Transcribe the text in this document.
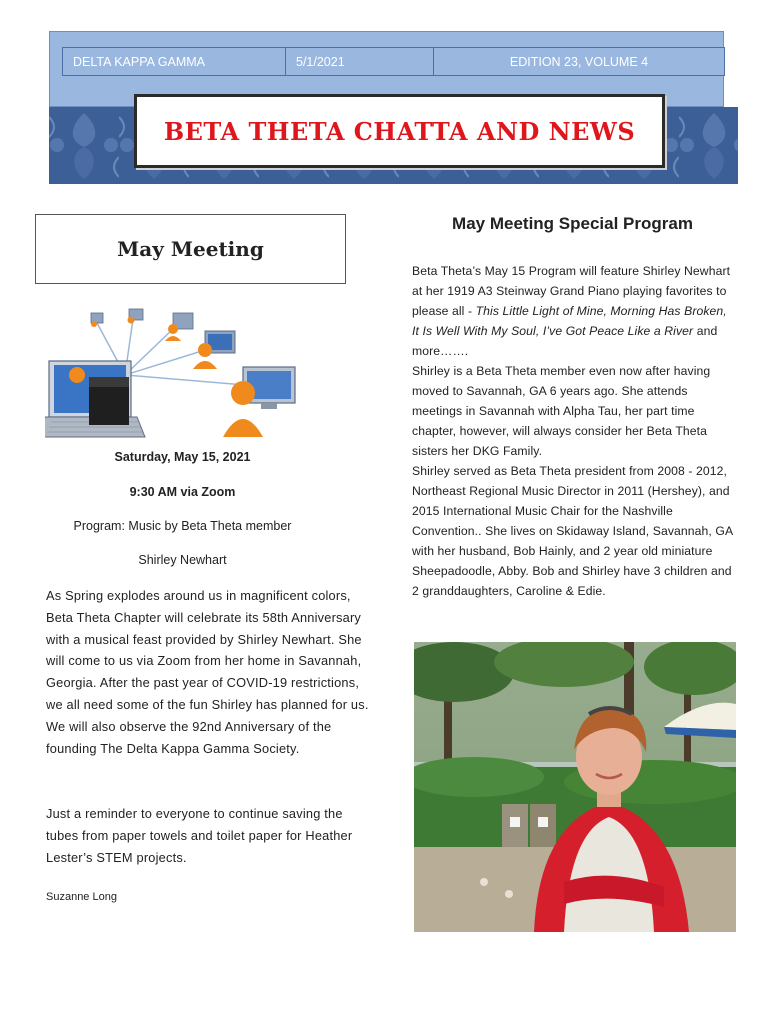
DELTA KAPPA GAMMA	5/1/2021	EDITION 23, VOLUME 4
BETA THETA CHATTA AND NEWS
May Meeting
Saturday, May 15, 2021
9:30 AM via Zoom
Program: Music by Beta Theta member
Shirley Newhart
As Spring explodes around us in magnificent colors, Beta Theta Chapter will celebrate its 58th Anniversary with a musical feast provided by Shirley Newhart. She will come to us via Zoom from her home in Savannah, Georgia. After the past year of COVID-19 restrictions, we all need some of the fun Shirley has planned for us. We will also observe the 92nd Anniversary of the founding The Delta Kappa Gamma Society.
Just a reminder to everyone to continue saving the tubes from paper towels and toilet paper for Heather Lester’s STEM projects.
Suzanne Long
May Meeting Special Program

Beta Theta’s May 15 Program will feature Shirley Newhart at her 1919 A3 Steinway Grand Piano playing favorites to please all - This Little Light of Mine, Morning Has Broken, It Is Well With My Soul, I’ve Got Peace Like a River and more…….

Shirley is a Beta Theta member even now after having moved to Savannah, GA 6 years ago. She attends meetings in Savannah with Alpha Tau, her part time chapter, however, will always consider her Beta Theta sisters her DKG Family.

Shirley served as Beta Theta president from 2008 - 2012, Northeast Regional Music Director in 2011 (Hershey), and 2015 International Music Chair for the Nashville Convention.. She lives on Skidaway Island, Savannah, GA with her husband, Bob Hainly, and 2 year old miniature Sheepadoodle, Abby. Bob and Shirley have 3 children and 2 granddaughters, Caroline & Edie.
